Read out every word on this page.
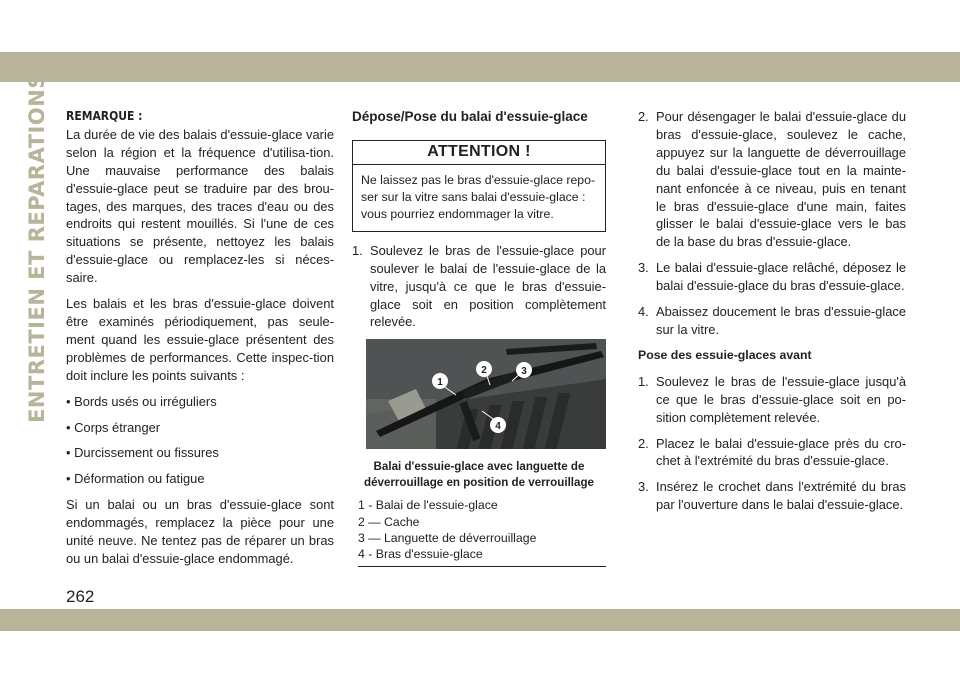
ENTRETIEN ET REPARATIONS REMARQUE :

La durée de vie des balais d'essuie-glace varie selon la région et la fréquence d'utilisa-tion. Une mauvaise performance des balais d'essuie-glace peut se traduire par des brou-tages, des marques, des traces d'eau ou des endroits qui restent mouillés. Si l'une de ces situations se présente, nettoyez les balais d'essuie-glace ou remplacez-les si néces-saire.

Les balais et les bras d'essuie-glace doivent être examinés périodiquement, pas seule-ment quand les essuie-glace présentent des problèmes de performances. Cette inspec-tion doit inclure les points suivants :

• Bords usés ou irréguliers

• Corps étranger

• Durcissement ou fissures

• Déformation ou fatigue

Si un balai ou un bras d'essuie-glace sont endommagés, remplacez la pièce pour une unité neuve. Ne tentez pas de réparer un bras ou un balai d'essuie-glace endommagé.

Dépose/Pose du balai d'essuie-glace
ATTENTION !
Ne laissez pas le bras d'essuie-glace repo-ser sur la vitre sans balai d'essuie-glace : vous pourriez endommager la vitre.
1. Soulevez le bras de l'essuie-glace pour soulever le balai de l'essuie-glace de la vitre, jusqu'à ce que le bras d'essuie-glace soit en position complètement relevée.
1
2	3
4
Balai d'essuie-glace avec languette de déverrouillage en position de verrouillage
1 - Balai de l'essuie-glace
2 — Cache
3 — Languette de déverrouillage
4 - Bras d'essuie-glace
2. Pour désengager le balai d'essuie-glace du bras d'essuie-glace, soulevez le cache, appuyez sur la languette de déverrouillage du balai d'essuie-glace tout en la mainte-nant enfoncée à ce niveau, puis en tenant le bras d'essuie-glace d'une main, faites glisser le balai d'essuie-glace vers le bas de la base du bras d'essuie-glace.
3. Le balai d'essuie-glace relâché, déposez le balai d'essuie-glace du bras d'essuie-glace.
4. Abaissez doucement le bras d'essuie-glace sur la vitre.
Pose des essuie-glaces avant
1. Soulevez le bras de l'essuie-glace jusqu'à ce que le bras d'essuie-glace soit en po-sition complètement relevée.
2. Placez le balai d'essuie-glace près du cro-chet à l'extrémité du bras d'essuie-glace.
3. Insérez le crochet dans l'extrémité du bras par l'ouverture dans le balai d'essuie-glace.
262
